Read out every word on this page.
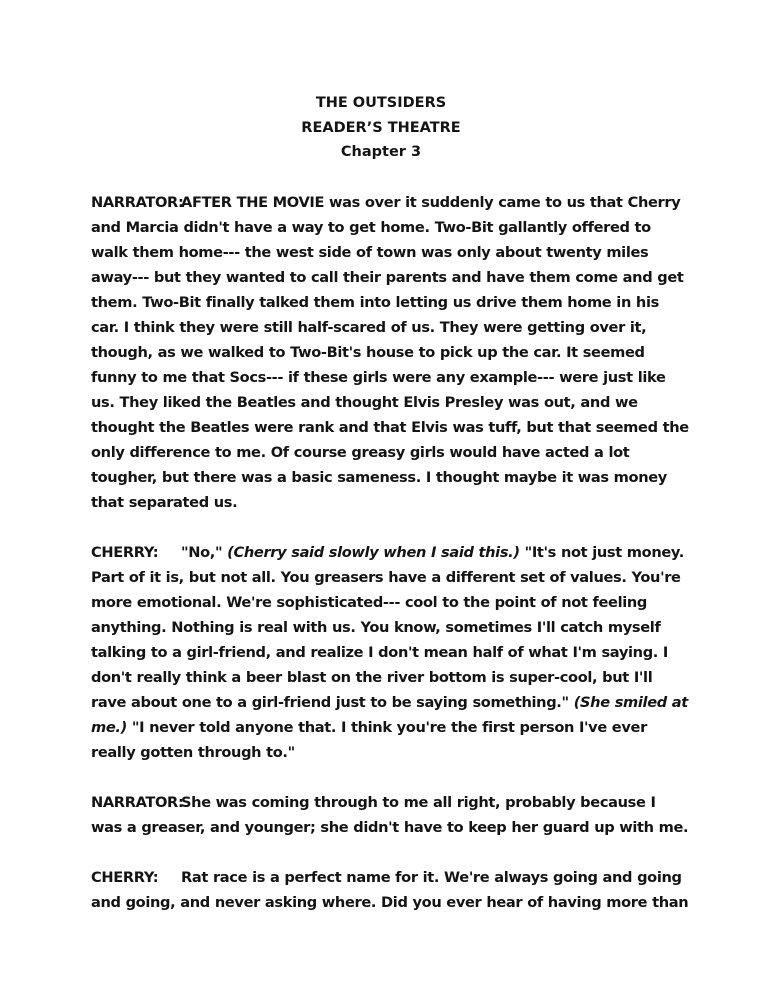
THE OUTSIDERS
READER’S THEATRE
Chapter 3

NARRATOR:AFTER THE MOVIE was over it suddenly came to us that Cherry and Marcia didn't have a way to get home. Two-Bit gallantly offered to walk them home--- the west side of town was only about twenty miles away--- but they wanted to call their parents and have them come and get them. Two-Bit finally talked them into letting us drive them home in his car. I think they were still half-scared of us. They were getting over it, though, as we walked to Two-Bit's house to pick up the car. It seemed funny to me that Socs--- if these girls were any example--- were just like us. They liked the Beatles and thought Elvis Presley was out, and we thought the Beatles were rank and that Elvis was tuff, but that seemed the only difference to me. Of course greasy girls would have acted a lot tougher, but there was a basic sameness. I thought maybe it was money that separated us.

CHERRY: "No," (Cherry said slowly when I said this.) "It's not just money. Part of it is, but not all. You greasers have a different set of values. You're more emotional. We're sophisticated--- cool to the point of not feeling anything. Nothing is real with us. You know, sometimes I'll catch myself talking to a girl-friend, and realize I don't mean half of what I'm saying. I don't really think a beer blast on the river bottom is super-cool, but I'll rave about one to a girl-friend just to be saying something." (She smiled at me.) "I never told anyone that. I think you're the first person I've ever really gotten through to."

NARRATOR:She was coming through to me all right, probably because I was a greaser, and younger; she didn't have to keep her guard up with me.

CHERRY: Rat race is a perfect name for it. We're always going and going and going, and never asking where. Did you ever hear of having more than
